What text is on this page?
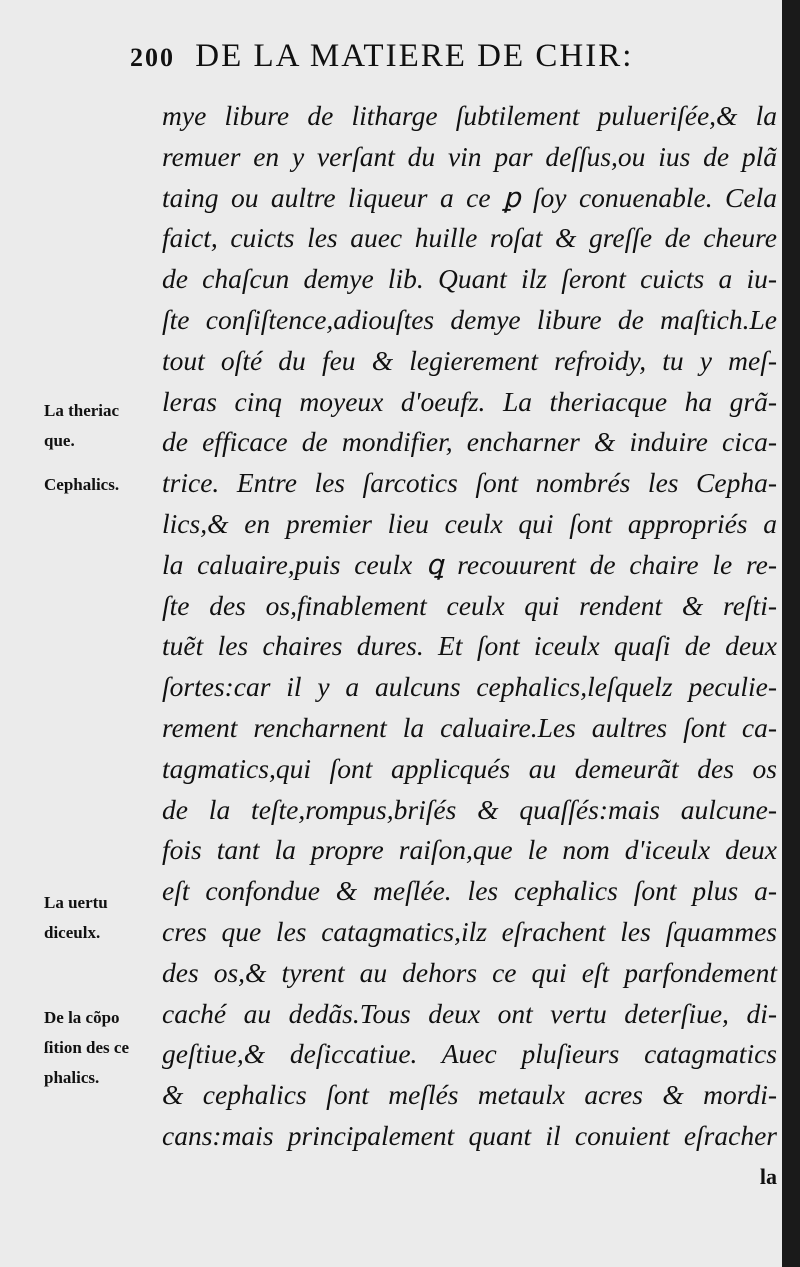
200 DE LA MATIERE DE CHIR:
La theriac
que.
Cephalics.
La uertu
diceulx.
De la cõpo
ſition des ce
phalics.
mye libure de litharge ſubtilement pulueriſée,& la
remuer en y verſant du vin par deſſus,ou ius de plã
taing ou aultre liqueur a ce ꝑ ſoy conuenable. Cela
faict, cuicts les auec huille roſat & greſſe de cheure
de chaſcun demye lib. Quant ilz ſeront cuicts a iu-
ſte conſiſtence,adiouſtes demye libure de maſtich.Le
tout oſté du feu & legierement refroidy, tu y meſ-
leras cinq moyeux d'oeufz. La theriacque ha grã-
de efficace de mondifier, encharner & induire cica-
trice. Entre les ſarcotics ſont nombrés les Cepha-
lics,& en premier lieu ceulx qui ſont appropriés a
la caluaire,puis ceulx ꝗ recouurent de chaire le re-
ſte des os,finablement ceulx qui rendent & reſti-
tuẽt les chaires dures. Et ſont iceulx quaſi de deux
ſortes:car il y a aulcuns cephalics,leſquelz peculie-
rement rencharnent la caluaire.Les aultres ſont ca-
tagmatics,qui ſont applicqués au demeurãt des os
de la teſte,rompus,briſés & quaſſés:mais aulcune-
fois tant la propre raiſon,que le nom d'iceulx deux
eſt confondue & meſlée. les cephalics ſont plus a-
cres que les catagmatics,ilz eſrachent les ſquammes
des os,& tyrent au dehors ce qui eſt parfondement
caché au dedãs.Tous deux ont vertu deterſiue, di-
geſtiue,& deſiccatiue. Auec pluſieurs catagmatics
& cephalics ſont meſlés metaulx acres & mordi-
cans:mais principalement quant il conuient eſracher
la
